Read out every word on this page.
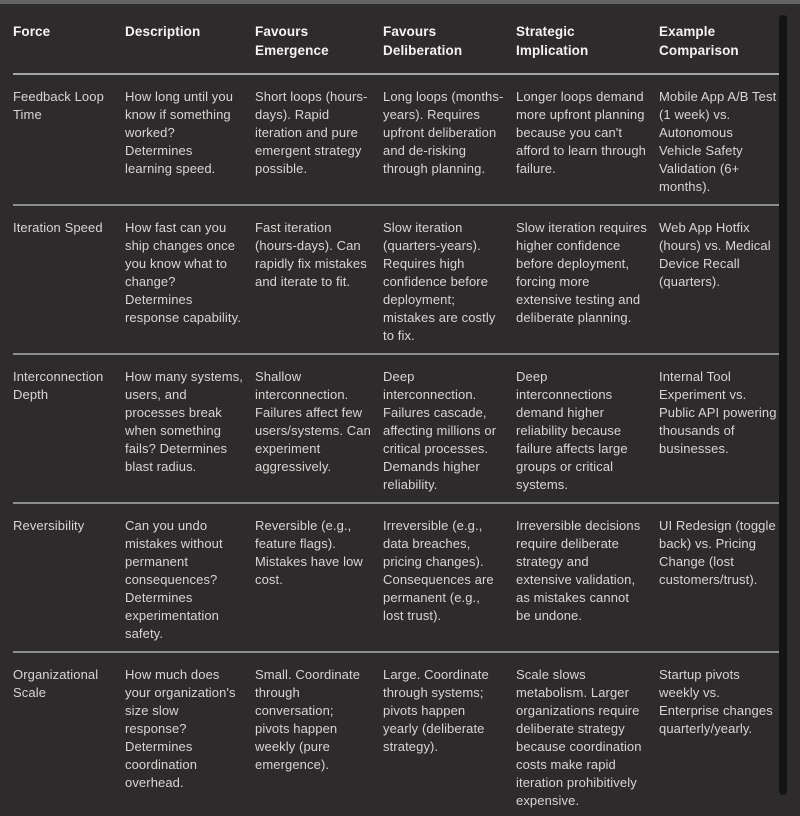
Force	Description	Favours Emergence	Favours Deliberation	Strategic Implication	Example Comparison
Feedback Loop Time	How long until you know if something worked? Determines learning speed.	Short loops (hours-days). Rapid iteration and pure emergent strategy possible.	Long loops (months-years). Requires upfront deliberation and de-risking through planning.	Longer loops demand more upfront planning because you can't afford to learn through failure.	Mobile App A/B Test (1 week) vs. Autonomous Vehicle Safety Validation (6+ months).
Iteration Speed	How fast can you ship changes once you know what to change? Determines response capability.	Fast iteration (hours-days). Can rapidly fix mistakes and iterate to fit.	Slow iteration (quarters-years). Requires high confidence before deployment; mistakes are costly to fix.	Slow iteration requires higher confidence before deployment, forcing more extensive testing and deliberate planning.	Web App Hotfix (hours) vs. Medical Device Recall (quarters).
Interconnection Depth	How many systems, users, and processes break when something fails? Determines blast radius.	Shallow interconnection. Failures affect few users/systems. Can experiment aggressively.	Deep interconnection. Failures cascade, affecting millions or critical processes. Demands higher reliability.	Deep interconnections demand higher reliability because failure affects large groups or critical systems.	Internal Tool Experiment vs. Public API powering thousands of businesses.
Reversibility	Can you undo mistakes without permanent consequences? Determines experimentation safety.	Reversible (e.g., feature flags). Mistakes have low cost.	Irreversible (e.g., data breaches, pricing changes). Consequences are permanent (e.g., lost trust).	Irreversible decisions require deliberate strategy and extensive validation, as mistakes cannot be undone.	UI Redesign (toggle back) vs. Pricing Change (lost customers/trust).
Organizational Scale	How much does your organization's size slow response? Determines coordination overhead.	Small. Coordinate through conversation; pivots happen weekly (pure emergence).	Large. Coordinate through systems; pivots happen yearly (deliberate strategy).	Scale slows metabolism. Larger organizations require deliberate strategy because coordination costs make rapid iteration prohibitively expensive.	Startup pivots weekly vs. Enterprise changes quarterly/yearly.
